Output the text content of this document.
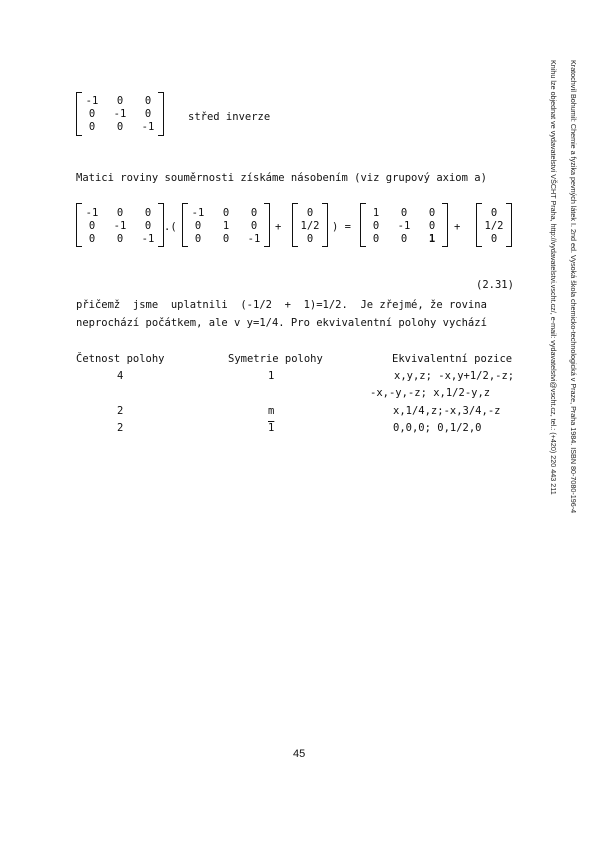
-1	0	0
0	-1	0
0	0	-1
střed inverze
Matici roviny souměrnosti získáme násobením (viz grupový axiom a)
-1	0	0
0	-1	0
0	0	-1
.(
-1	0	0
0	1	0
0	0	-1
+
0
1/2
0
) =
1	0	0
0	-1	0
0	0	1
+
0
1/2
0
(2.31)
přičemž  jsme  uplatnili  (-1/2  +  1)=1/2.  Je zřejmé, že rovina
neprochází počátkem, ale v y=1/4. Pro ekvivalentní polohy vychází
Četnost polohy	Symetrie polohy	Ekvivalentní pozice
4	1	x,y,z; -x,y+1/2,-z;
-x,-y,-z; x,1/2-y,z
2	m	x,1/4,z;-x,3/4,-z
2	1	0,0,0; 0,1/2,0
45

Kratochvíl Bohumil: Chemie a fyzika pevných látek I. 2nd ed. Vysoká škola chemicko-technologická v Praze, Praha 1984. ISBN 80-7080-196-4

Knihu lze objednat ve vydavatelství VŠCHT Praha, http://vydavatelstvi.vscht.cz/, e-mail: vydavatelstvi@vscht.cz, tel.: (+420) 220 443 211
